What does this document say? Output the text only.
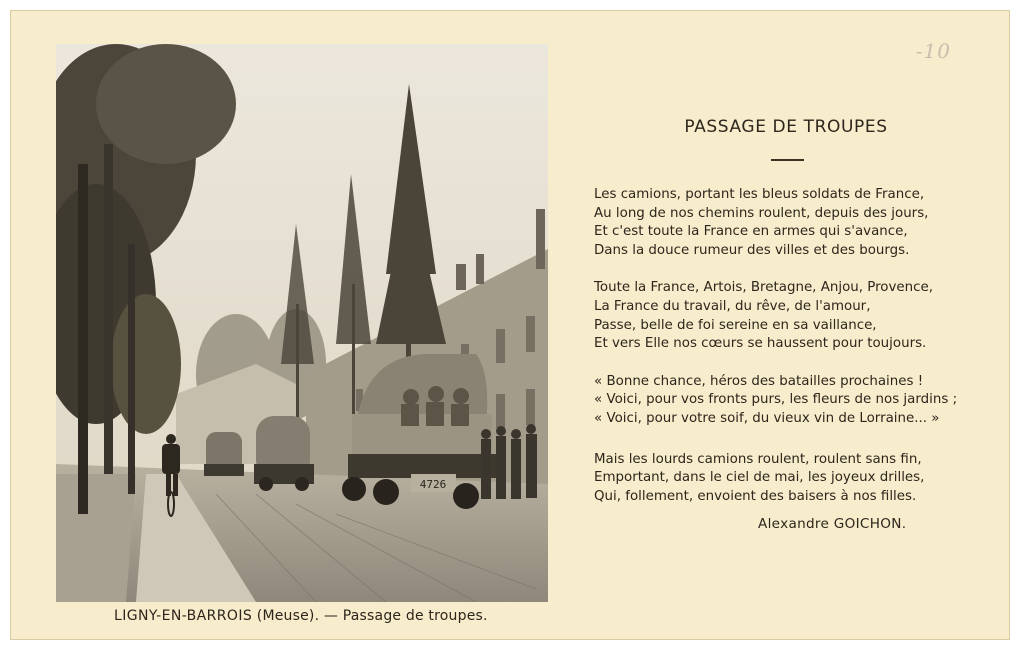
-10
4726
LIGNY-EN-BARROIS (Meuse). — Passage de troupes.
PASSAGE DE TROUPES
Les camions, portant les bleus soldats de France,
Au long de nos chemins roulent, depuis des jours,
Et c'est toute la France en armes qui s'avance,
Dans la douce rumeur des villes et des bourgs.
Toute la France, Artois, Bretagne, Anjou, Provence,
La France du travail, du rêve, de l'amour,
Passe, belle de foi sereine en sa vaillance,
Et vers Elle nos cœurs se haussent pour toujours.
« Bonne chance, héros des batailles prochaines !
« Voici, pour vos fronts purs, les fleurs de nos jardins ;
« Voici, pour votre soif, du vieux vin de Lorraine... »
Mais les lourds camions roulent, roulent sans fin,
Emportant, dans le ciel de mai, les joyeux drilles,
Qui, follement, envoient des baisers à nos filles.
Alexandre GOICHON.
